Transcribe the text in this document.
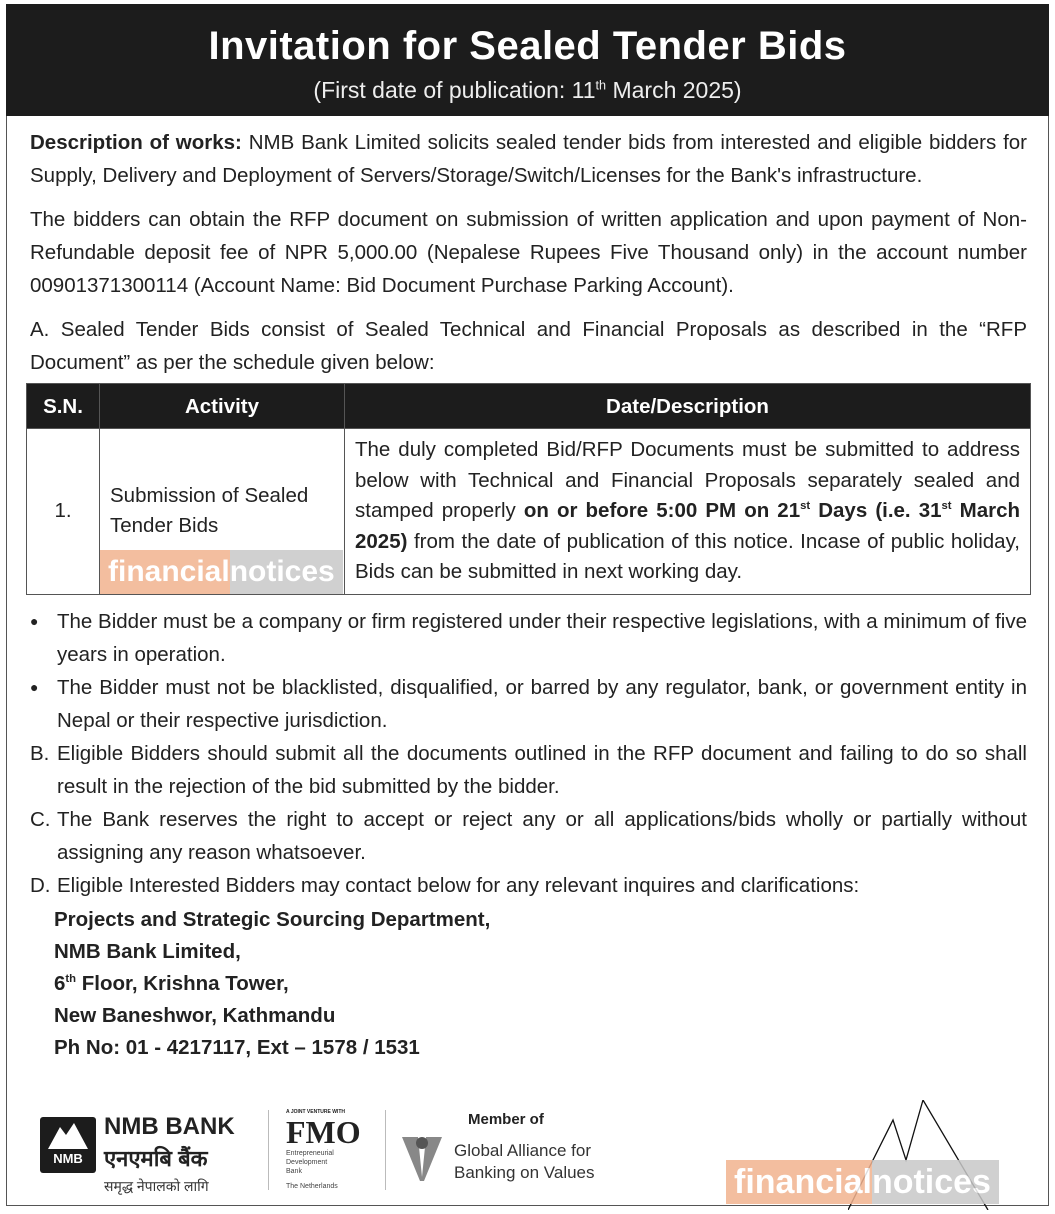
Invitation for Sealed Tender Bids
(First date of publication: 11th March 2025)

Description of works: NMB Bank Limited solicits sealed tender bids from interested and eligible bidders for Supply, Delivery and Deployment of Servers/Storage/Switch/Licenses for the Bank's infrastructure.

The bidders can obtain the RFP document on submission of written application and upon payment of Non-Refundable deposit fee of NPR 5,000.00 (Nepalese Rupees Five Thousand only) in the account number 00901371300114 (Account Name: Bid Document Purchase Parking Account).

A. Sealed Tender Bids consist of Sealed Technical and Financial Proposals as described in the “RFP Document” as per the schedule given below:

S.N.	Activity	Date/Description
1.	Submission of Sealed Tender Bids	The duly completed Bid/RFP Documents must be submitted to address below with Technical and Financial Proposals separately sealed and stamped properly on or before 5:00 PM on 21st Days (i.e. 31st March 2025) from the date of publication of this notice. Incase of public holiday, Bids can be submitted in next working day.
● The Bidder must be a company or firm registered under their respective legislations, with a minimum of five years in operation.
● The Bidder must not be blacklisted, disqualified, or barred by any regulator, bank, or government entity in Nepal or their respective jurisdiction.
B. Eligible Bidders should submit all the documents outlined in the RFP document and failing to do so shall result in the rejection of the bid submitted by the bidder.
C. The Bank reserves the right to accept or reject any or all applications/bids wholly or partially without assigning any reason whatsoever.
D. Eligible Interested Bidders may contact below for any relevant inquires and clarifications:
Projects and Strategic Sourcing Department,
NMB Bank Limited,
6th Floor, Krishna Tower,
New Baneshwor, Kathmandu
Ph No: 01 - 4217117, Ext – 1578 / 1531
NMB
NMB BANK
एनएमबि बैंक
समृद्ध नेपालको लागि
A JOINT VENTURE WITH
FMO
Entrepreneurial
Development
Bank
The Netherlands
Member of
Global Alliance for
Banking on Values
financial notices
financial notices
